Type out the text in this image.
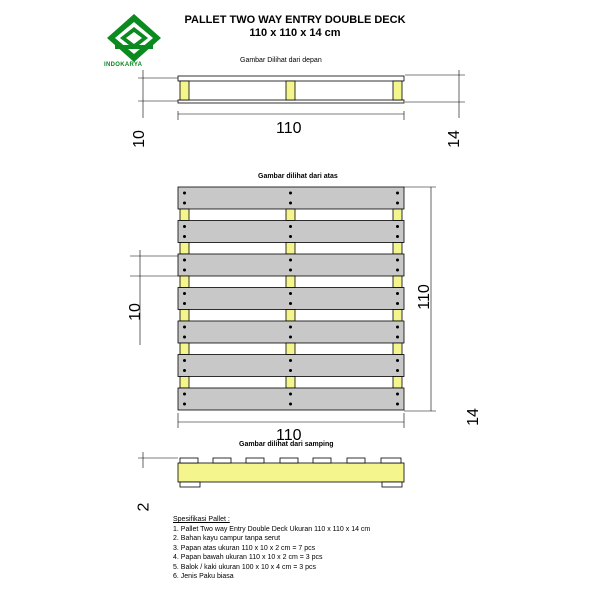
INDOKARYA
PALLET TWO WAY ENTRY DOUBLE DECK
110 x 110 x 14 cm
Gambar Dilihat dari depan
110
10	14
Gambar dilihat dari atas
110
110
10
14
Gambar dilihat dari samping
2
Spesifikasi Pallet :
1. Pallet Two way Entry Double Deck Ukuran 110 x 110 x 14 cm
2. Bahan kayu campur tanpa serut
3. Papan atas ukuran 110 x 10 x 2 cm = 7 pcs
4. Papan bawah ukuran 110 x 10 x 2 cm = 3 pcs
5. Balok / kaki ukuran 100 x 10 x 4 cm = 3 pcs
6. Jenis Paku biasa
